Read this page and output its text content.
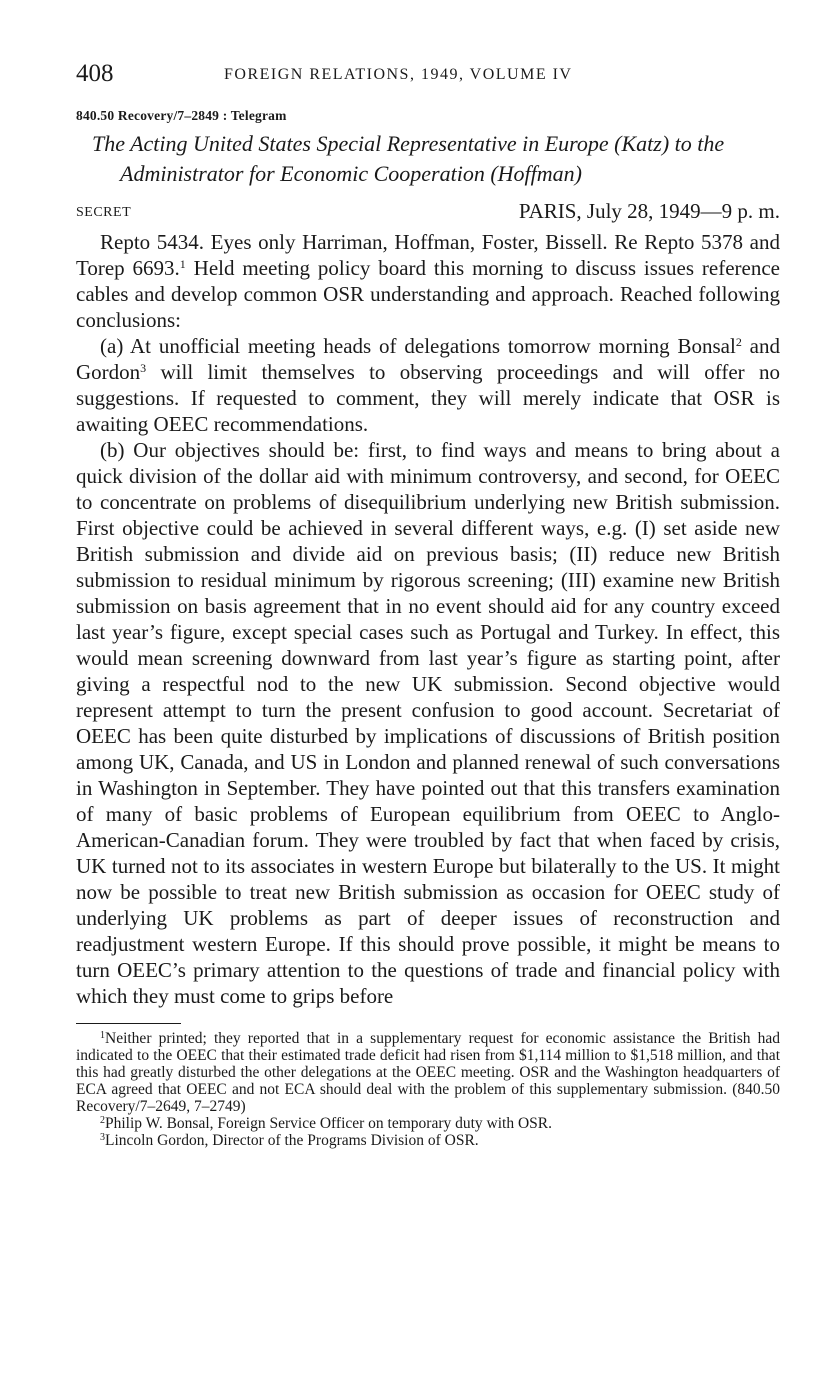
408	FOREIGN RELATIONS, 1949, VOLUME IV
840.50 Recovery/7–2849 : Telegram
The Acting United States Special Representative in Europe (Katz) to the Administrator for Economic Cooperation (Hoffman)
SECRET	PARIS, July 28, 1949—9 p. m.

Repto 5434. Eyes only Harriman, Hoffman, Foster, Bissell. Re Repto 5378 and Torep 6693.$^1$ Held meeting policy board this morning to discuss issues reference cables and develop common OSR understanding and approach. Reached following conclusions:

(a) At unofficial meeting heads of delegations tomorrow morning Bonsal$^2$ and Gordon$^3$ will limit themselves to observing proceedings and will offer no suggestions. If requested to comment, they will merely indicate that OSR is awaiting OEEC recommendations.

(b) Our objectives should be: first, to find ways and means to bring about a quick division of the dollar aid with minimum controversy, and second, for OEEC to concentrate on problems of disequilibrium underlying new British submission. First objective could be achieved in several different ways, e.g. (I) set aside new British submission and divide aid on previous basis; (II) reduce new British submission to residual minimum by rigorous screening; (III) examine new British submission on basis agreement that in no event should aid for any country exceed last year’s figure, except special cases such as Portugal and Turkey. In effect, this would mean screening downward from last year’s figure as starting point, after giving a respectful nod to the new UK submission. Second objective would represent attempt to turn the present confusion to good account. Secretariat of OEEC has been quite disturbed by implications of discussions of British position among UK, Canada, and US in London and planned renewal of such conversations in Washington in September. They have pointed out that this transfers examination of many of basic problems of European equilibrium from OEEC to Anglo-American-Canadian forum. They were troubled by fact that when faced by crisis, UK turned not to its associates in western Europe but bilaterally to the US. It might now be possible to treat new British submission as occasion for OEEC study of underlying UK problems as part of deeper issues of reconstruction and readjustment western Europe. If this should prove possible, it might be means to turn OEEC’s primary attention to the questions of trade and financial policy with which they must come to grips before

$^1$Neither printed; they reported that in a supplementary request for economic assistance the British had indicated to the OEEC that their estimated trade deficit had risen from $1,114 million to $1,518 million, and that this had greatly disturbed the other delegations at the OEEC meeting. OSR and the Washington headquarters of ECA agreed that OEEC and not ECA should deal with the problem of this supplementary submission. (840.50 Recovery/7–2649, 7–2749)

$^2$Philip W. Bonsal, Foreign Service Officer on temporary duty with OSR.

$^3$Lincoln Gordon, Director of the Programs Division of OSR.
